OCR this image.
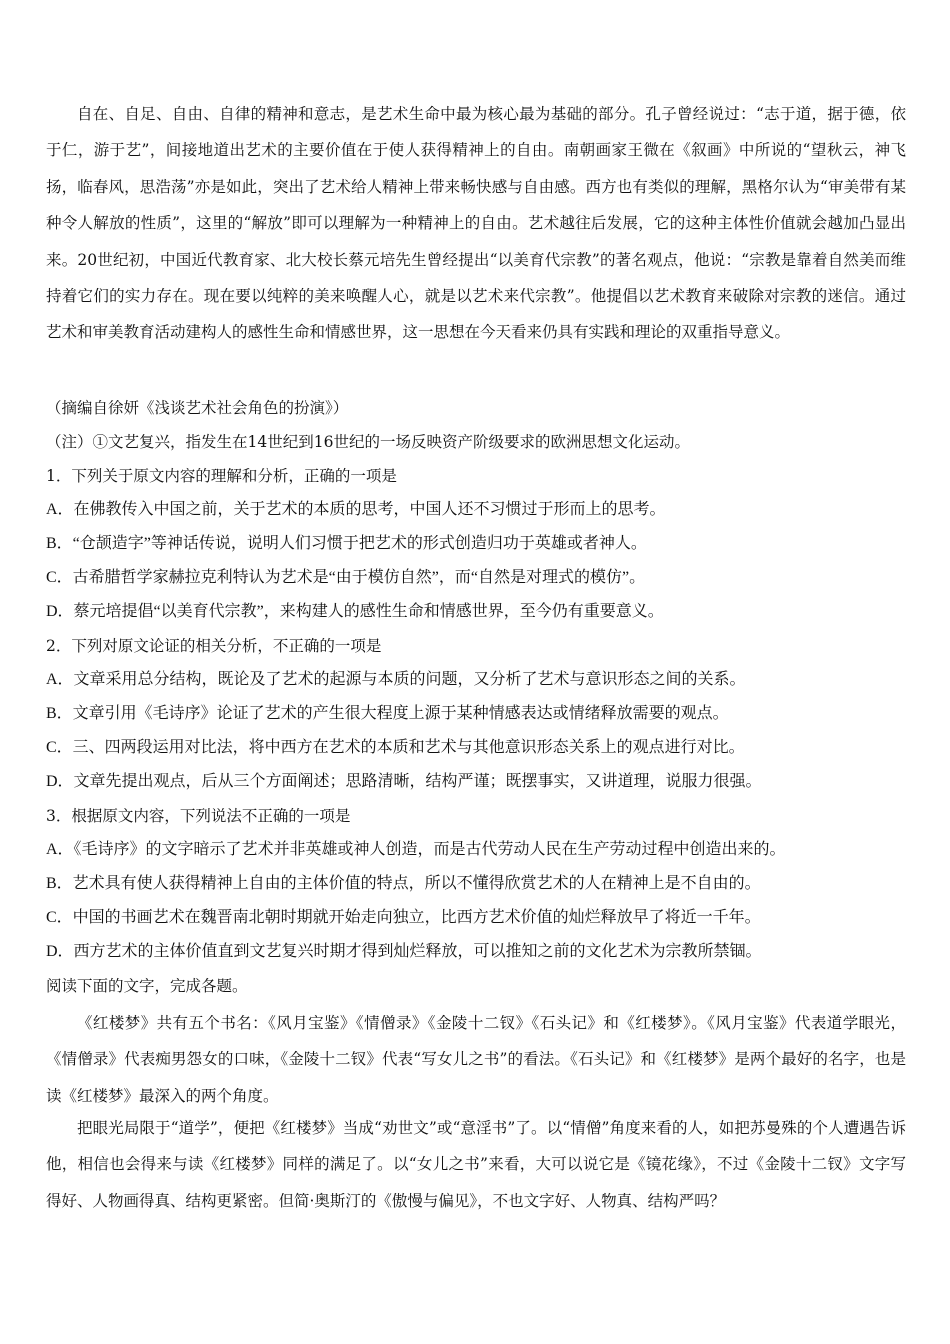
自在、自足、自由、自律的精神和意志，是艺术生命中最为核心最为基础的部分。孔子曾经说过：“志于道，据于德，依于仁，游于艺”，间接地道出艺术的主要价值在于使人获得精神上的自由。南朝画家王微在《叙画》中所说的“望秋云，神飞扬，临春风，思浩荡”亦是如此，突出了艺术给人精神上带来畅快感与自由感。西方也有类似的理解，黑格尔认为“审美带有某种令人解放的性质”，这里的“解放”即可以理解为一种精神上的自由。艺术越往后发展，它的这种主体性价值就会越加凸显出来。20世纪初，中国近代教育家、北大校长蔡元培先生曾经提出“以美育代宗教”的著名观点，他说：“宗教是靠着自然美而维持着它们的实力存在。现在要以纯粹的美来唤醒人心，就是以艺术来代宗教”。他提倡以艺术教育来破除对宗教的迷信。通过艺术和审美教育活动建构人的感性生命和情感世界，这一思想在今天看来仍具有实践和理论的双重指导意义。

（摘编自徐妍《浅谈艺术社会角色的扮演》）

（注）①文艺复兴，指发生在14世纪到16世纪的一场反映资产阶级要求的欧洲思想文化运动。

1．下列关于原文内容的理解和分析，正确的一项是

A．在佛教传入中国之前，关于艺术的本质的思考，中国人还不习惯过于形而上的思考。

B．“仓颉造字”等神话传说，说明人们习惯于把艺术的形式创造归功于英雄或者神人。

C．古希腊哲学家赫拉克利特认为艺术是“由于模仿自然”，而“自然是对理式的模仿”。

D．蔡元培提倡“以美育代宗教”，来构建人的感性生命和情感世界，至今仍有重要意义。

2．下列对原文论证的相关分析，不正确的一项是

A．文章采用总分结构，既论及了艺术的起源与本质的问题，又分析了艺术与意识形态之间的关系。

B．文章引用《毛诗序》论证了艺术的产生很大程度上源于某种情感表达或情绪释放需要的观点。

C．三、四两段运用对比法，将中西方在艺术的本质和艺术与其他意识形态关系上的观点进行对比。

D．文章先提出观点，后从三个方面阐述；思路清晰，结构严谨；既摆事实，又讲道理，说服力很强。

3．根据原文内容，下列说法不正确的一项是

A．《毛诗序》的文字暗示了艺术并非英雄或神人创造，而是古代劳动人民在生产劳动过程中创造出来的。

B．艺术具有使人获得精神上自由的主体价值的特点，所以不懂得欣赏艺术的人在精神上是不自由的。

C．中国的书画艺术在魏晋南北朝时期就开始走向独立，比西方艺术价值的灿烂释放早了将近一千年。

D．西方艺术的主体价值直到文艺复兴时期才得到灿烂释放，可以推知之前的文化艺术为宗教所禁锢。

阅读下面的文字，完成各题。

《红楼梦》共有五个书名：《风月宝鉴》《情僧录》《金陵十二钗》《石头记》和《红楼梦》。《风月宝鉴》代表道学眼光，《情僧录》代表痴男怨女的口味，《金陵十二钗》代表“写女儿之书”的看法。《石头记》和《红楼梦》是两个最好的名字，也是读《红楼梦》最深入的两个角度。

把眼光局限于“道学”，便把《红楼梦》当成“劝世文”或“意淫书”了。以“情僧”角度来看的人，如把苏曼殊的个人遭遇告诉他，相信也会得来与读《红楼梦》同样的满足了。以“女儿之书”来看，大可以说它是《镜花缘》，不过《金陵十二钗》文字写得好、人物画得真、结构更紧密。但简·奥斯汀的《傲慢与偏见》，不也文字好、人物真、结构严吗？
